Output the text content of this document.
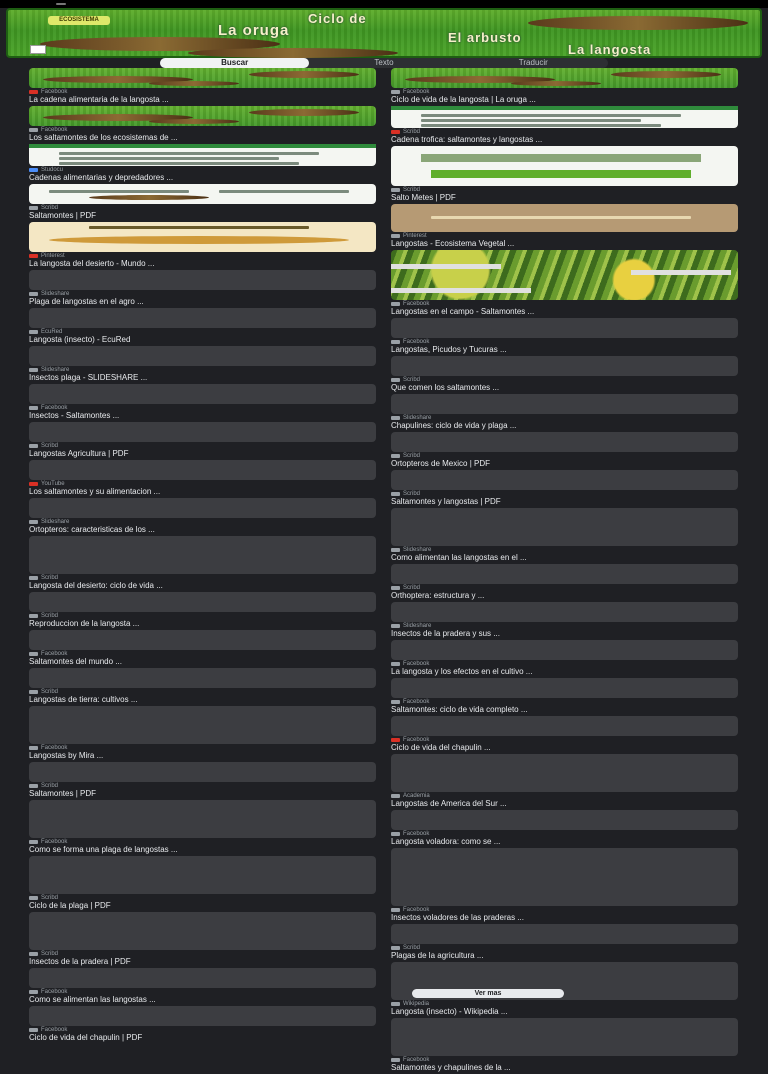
ECOSISTEMA	Ciclo de
La oruga	El arbusto
La langosta
Buscar	Texto	Traducir
Facebook
La cadena alimentaria de la langosta ...
Facebook
Los saltamontes de los ecosistemas de ...
Studocu
Cadenas alimentarias y depredadores ...
Scribd
Saltamontes | PDF
Pinterest
La langosta del desierto - Mundo ...
Slideshare
Plaga de langostas en el agro ...
EcuRed
Langosta (insecto) - EcuRed
Slideshare
Insectos plaga - SLIDESHARE ...
Facebook
Insectos - Saltamontes ...
Scribd
Langostas Agricultura | PDF
YouTube
Los saltamontes y su alimentacion ...
Slideshare
Ortopteros: caracteristicas de los ...
Scribd
Langosta del desierto: ciclo de vida ...
Scribd
Reproduccion de la langosta ...
Facebook
Saltamontes del mundo ...
Scribd
Langostas de tierra: cultivos ...
Facebook
Langostas by Mira ...
Scribd
Saltamontes | PDF
Facebook
Como se forma una plaga de langostas ...
Scribd
Ciclo de la plaga | PDF
Scribd
Insectos de la pradera | PDF
Facebook
Como se alimentan las langostas ...
Facebook
Ciclo de vida del chapulin | PDF
Facebook
Ciclo de vida de la langosta | La oruga ...
Scribd
Cadena trofica: saltamontes y langostas ...
Scribd
Salto Metes | PDF
Pinterest
Langostas - Ecosistema Vegetal ...
Facebook
Langostas en el campo - Saltamontes ...
Facebook
Langostas, Picudos y Tucuras ...
Scribd
Que comen los saltamontes ...
Slideshare
Chapulines: ciclo de vida y plaga ...
Scribd
Ortopteros de Mexico | PDF
Scribd
Saltamontes y langostas | PDF
Slideshare
Como alimentan las langostas en el ...
Scribd
Orthoptera: estructura y ...
Slideshare
Insectos de la pradera y sus ...
Facebook
La langosta y los efectos en el cultivo ...
Facebook
Saltamontes: ciclo de vida completo ...
Facebook
Ciclo de vida del chapulin ...
Academia
Langostas de America del Sur ...
Facebook
Langosta voladora: como se ...
Facebook
Insectos voladores de las praderas ...
Scribd
Plagas de la agricultura ...
Wikipedia
Langosta (insecto) - Wikipedia ...
Facebook
Saltamontes y chapulines de la ...
Ver mas
